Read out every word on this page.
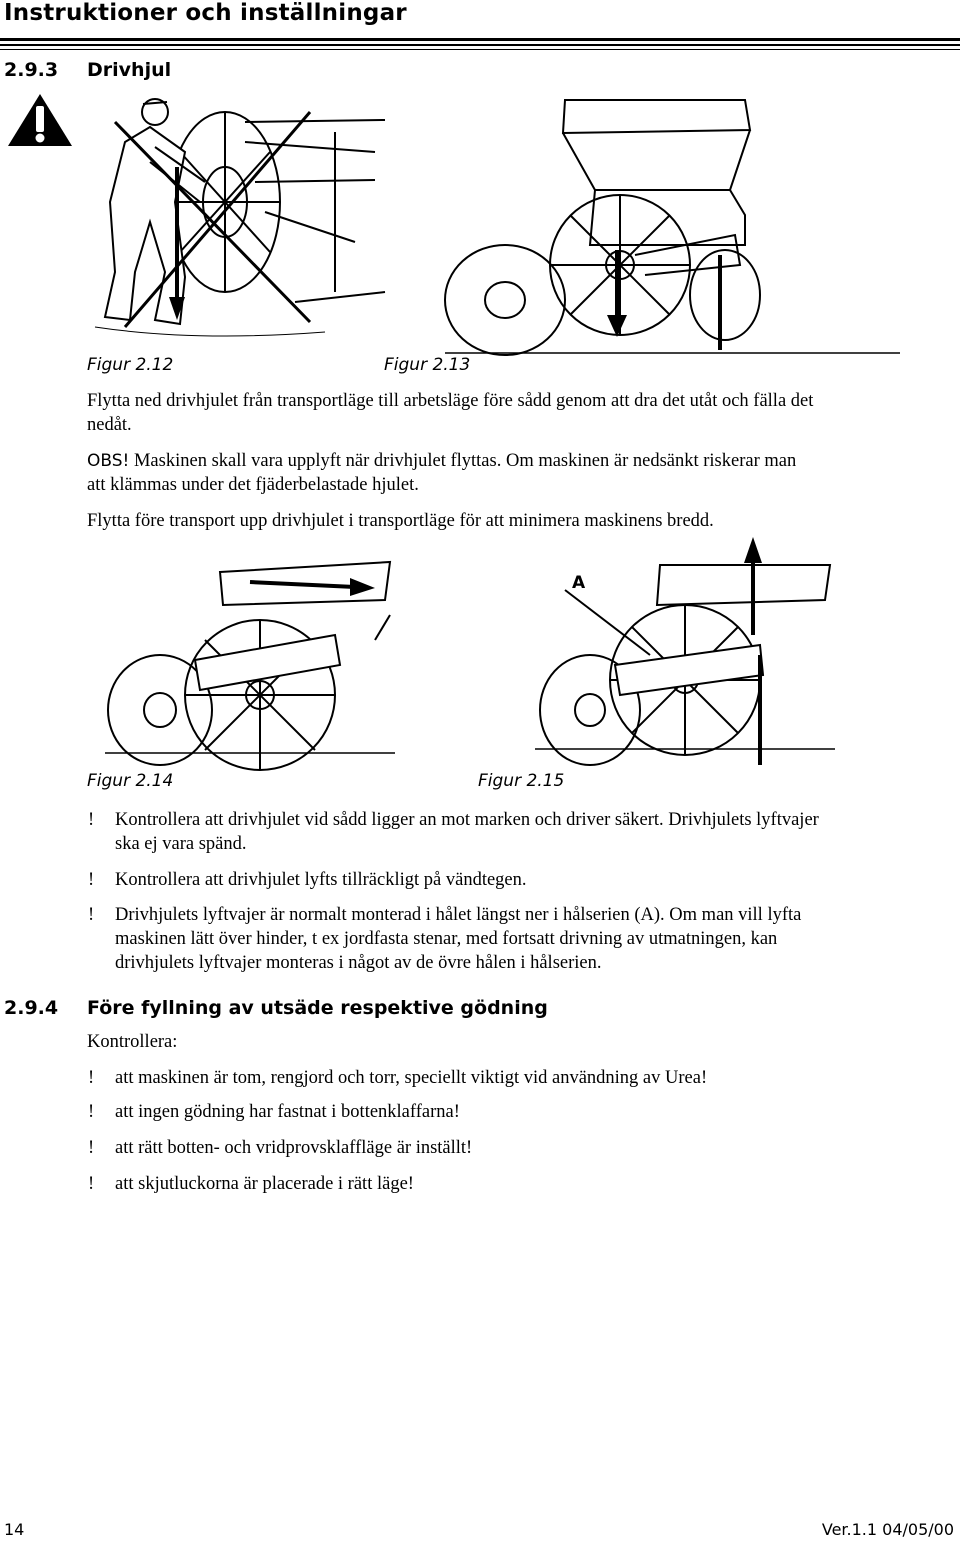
Instruktioner och inställningar
2.9.3 Drivhjul
Figur 2.12	Figur 2.13
Flytta ned drivhjulet från transportläge till arbetsläge före sådd genom att dra det utåt och fälla det
nedåt.
OBS! Maskinen skall vara upplyft när drivhjulet flyttas. Om maskinen är nedsänkt riskerar man
att klämmas under det fjäderbelastade hjulet.
Flytta före transport upp drivhjulet i transportläge för att minimera maskinens bredd.
A
Figur 2.14	Figur 2.15
! Kontrollera att drivhjulet vid sådd ligger an mot marken och driver säkert. Drivhjulets lyftvajer
ska ej vara spänd.
! Kontrollera att drivhjulet lyfts tillräckligt på vändtegen.
! Drivhjulets lyftvajer är normalt monterad i hålet längst ner i hålserien (A). Om man vill lyfta
maskinen lätt över hinder, t ex jordfasta stenar, med fortsatt drivning av utmatningen, kan
drivhjulets lyftvajer monteras i något av de övre hålen i hålserien.
2.9.4 Före fyllning av utsäde respektive gödning
Kontrollera:
! att maskinen är tom, rengjord och torr, speciellt viktigt vid användning av Urea!
! att ingen gödning har fastnat i bottenklaffarna!
! att rätt botten- och vridprovsklaffläge är inställt!
! att skjutluckorna är placerade i rätt läge!
14	Ver.1.1 04/05/00
